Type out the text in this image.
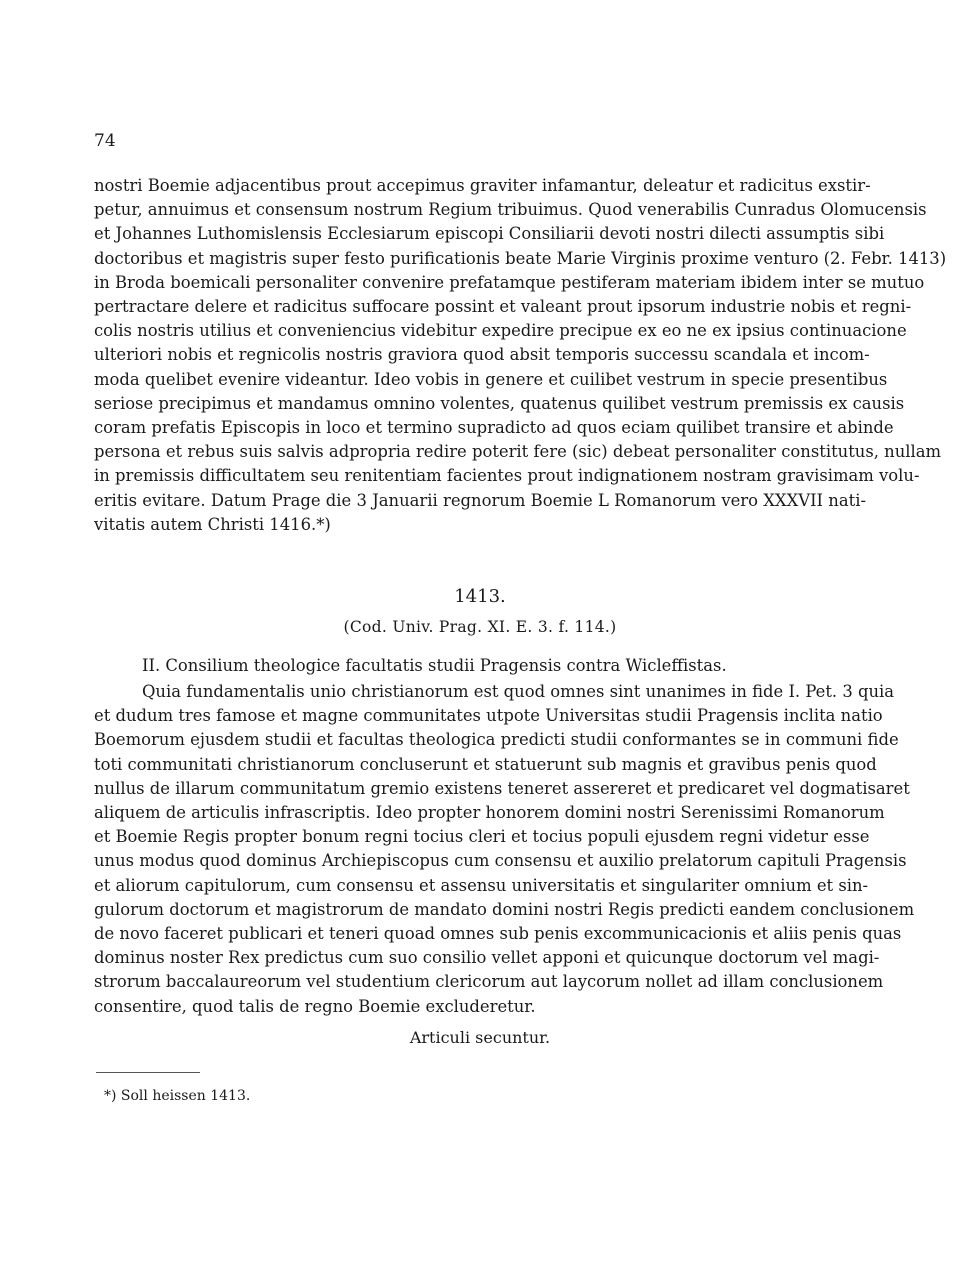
74
nostri Boemie adjacentibus prout accepimus graviter infamantur, deleatur et radicitus exstir-
petur, annuimus et consensum nostrum Regium tribuimus. Quod venerabilis Cunradus Olomucensis
et Johannes Luthomislensis Ecclesiarum episcopi Consiliarii devoti nostri dilecti assumptis sibi
doctoribus et magistris super festo purificationis beate Marie Virginis proxime venturo (2. Febr. 1413)
in Broda boemicali personaliter convenire prefatamque pestiferam materiam ibidem inter se mutuo
pertractare delere et radicitus suffocare possint et valeant prout ipsorum industrie nobis et regni-
colis nostris utilius et conveniencius videbitur expedire precipue ex eo ne ex ipsius continuacione
ulteriori nobis et regnicolis nostris graviora quod absit temporis successu scandala et incom-
moda quelibet evenire videantur. Ideo vobis in genere et cuilibet vestrum in specie presentibus
seriose precipimus et mandamus omnino volentes, quatenus quilibet vestrum premissis ex causis
coram prefatis Episcopis in loco et termino supradicto ad quos eciam quilibet transire et abinde
persona et rebus suis salvis adpropria redire poterit fere (sic) debeat personaliter constitutus, nullam
in premissis difficultatem seu renitentiam facientes prout indignationem nostram gravisimam volu-
eritis evitare. Datum Prage die 3 Januarii regnorum Boemie L Romanorum vero XXXVII nati-
vitatis autem Christi 1416.*)
1413.
(Cod. Univ. Prag. XI. E. 3. f. 114.)
II. Consilium theologice facultatis studii Pragensis contra Wicleffistas.
Quia fundamentalis unio christianorum est quod omnes sint unanimes in fide I. Pet. 3 quia
et dudum tres famose et magne communitates utpote Universitas studii Pragensis inclita natio
Boemorum ejusdem studii et facultas theologica predicti studii conformantes se in communi fide
toti communitati christianorum concluserunt et statuerunt sub magnis et gravibus penis quod
nullus de illarum communitatum gremio existens teneret assereret et predicaret vel dogmatisaret
aliquem de articulis infrascriptis. Ideo propter honorem domini nostri Serenissimi Romanorum
et Boemie Regis propter bonum regni tocius cleri et tocius populi ejusdem regni videtur esse
unus modus quod dominus Archiepiscopus cum consensu et auxilio prelatorum capituli Pragensis
et aliorum capitulorum, cum consensu et assensu universitatis et singulariter omnium et sin-
gulorum doctorum et magistrorum de mandato domini nostri Regis predicti eandem conclusionem
de novo faceret publicari et teneri quoad omnes sub penis excommunicacionis et aliis penis quas
dominus noster Rex predictus cum suo consilio vellet apponi et quicunque doctorum vel magi-
strorum baccalaureorum vel studentium clericorum aut laycorum nollet ad illam conclusionem
consentire, quod talis de regno Boemie excluderetur.
Articuli secuntur.
*) Soll heissen 1413.
